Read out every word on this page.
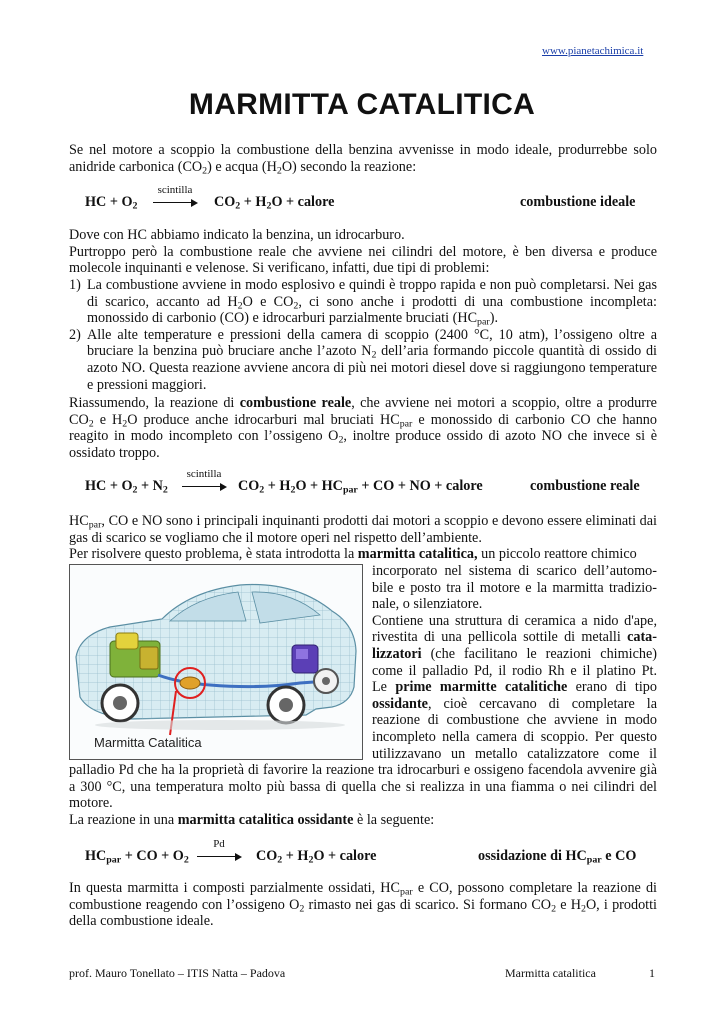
www.pianetachimica.it
MARMITTA CATALITICA
Se nel motore a scoppio la combustione della benzina avvenisse in modo ideale, produrrebbe solo anidride carbonica $(CO_2)$ e acqua $(H_2O)$ secondo la reazione:
HC + $O_2$
scintilla
$CO_2 + H_2O$ + calore	combustione ideale
Dove con HC abbiamo indicato la benzina, un idrocarburo.
Purtroppo però la combustione reale che avviene nei cilindri del motore, è ben diversa e produce molecole inquinanti e velenose. Si verificano, infatti, due tipi di problemi:
1) La combustione avviene in modo esplosivo e quindi è troppo rapida e non può completarsi. Nei gas di scarico, accanto ad $H_2O$ e $CO_2$, ci sono anche i prodotti di una combustione incompleta: monossido di carbonio (CO) e idrocarburi parzialmente bruciati $(HC_{par})$.
2) Alle alte temperature e pressioni della camera di scoppio (2400 °C, 10 atm), l’ossigeno oltre a bruciare la benzina può bruciare anche l’azoto $N_2$ dell’aria formando piccole quantità di ossido di azoto NO. Questa reazione avviene ancora di più nei motori diesel dove si raggiungono temperature e pressioni maggiori.
Riassumendo, la reazione di combustione reale, che avviene nei motori a scoppio, oltre a produrre $CO_2$ e $H_2O$ produce anche idrocarburi mal bruciati $HC_{par}$ e monossido di carbonio CO che hanno reagito in modo incompleto con l’ossigeno $O_2$, inoltre produce ossido di azoto NO che invece si è ossidato troppo.
HC + $O_2 + N_2$
scintilla
$CO_2 + H_2O + HC_{par}$ + CO + NO + calore	combustione reale
$HC_{par}$, CO e NO sono i principali inquinanti prodotti dai motori a scoppio e devono essere eliminati dai gas di scarico se vogliamo che il motore operi nel rispetto dell’ambiente.
Per risolvere questo problema, è stata introdotta la marmitta catalitica, un piccolo reattore chimico
Marmitta Catalitica
incorporato nel sistema di scarico dell’automo-
bile e posto tra il motore e la marmitta tradizio-
nale, o silenziatore.
Contiene una struttura di ceramica a nido d'ape,
rivestita di una pellicola sottile di metalli cata-
lizzatori (che facilitano le reazioni chimiche)
come il palladio Pd, il rodio Rh e il platino Pt.
Le prime marmitte catalitiche erano di tipo
ossidante, cioè cercavano di completare la
reazione di combustione che avviene in modo
incompleto nella camera di scoppio. Per questo
utilizzavano un metallo catalizzatore come il
palladio Pd che ha la proprietà di favorire la reazione tra idrocarburi e ossigeno facendola avvenire già a 300 °C, una temperatura molto più bassa di quella che si realizza in una fiamma o nei cilindri del motore.
La reazione in una marmitta catalitica ossidante è la seguente:
$HC_{par}$ + CO + $O_2$
Pd
$CO_2 + H_2O$ + calore	ossidazione di $HC_{par}$ e CO
In questa marmitta i composti parzialmente ossidati, $HC_{par}$ e CO, possono completare la reazione di combustione reagendo con l’ossigeno $O_2$ rimasto nei gas di scarico. Si formano $CO_2$ e $H_2O$, i prodotti della combustione ideale.
prof. Mauro Tonellato – ITIS Natta – Padova	Marmitta catalitica	1
